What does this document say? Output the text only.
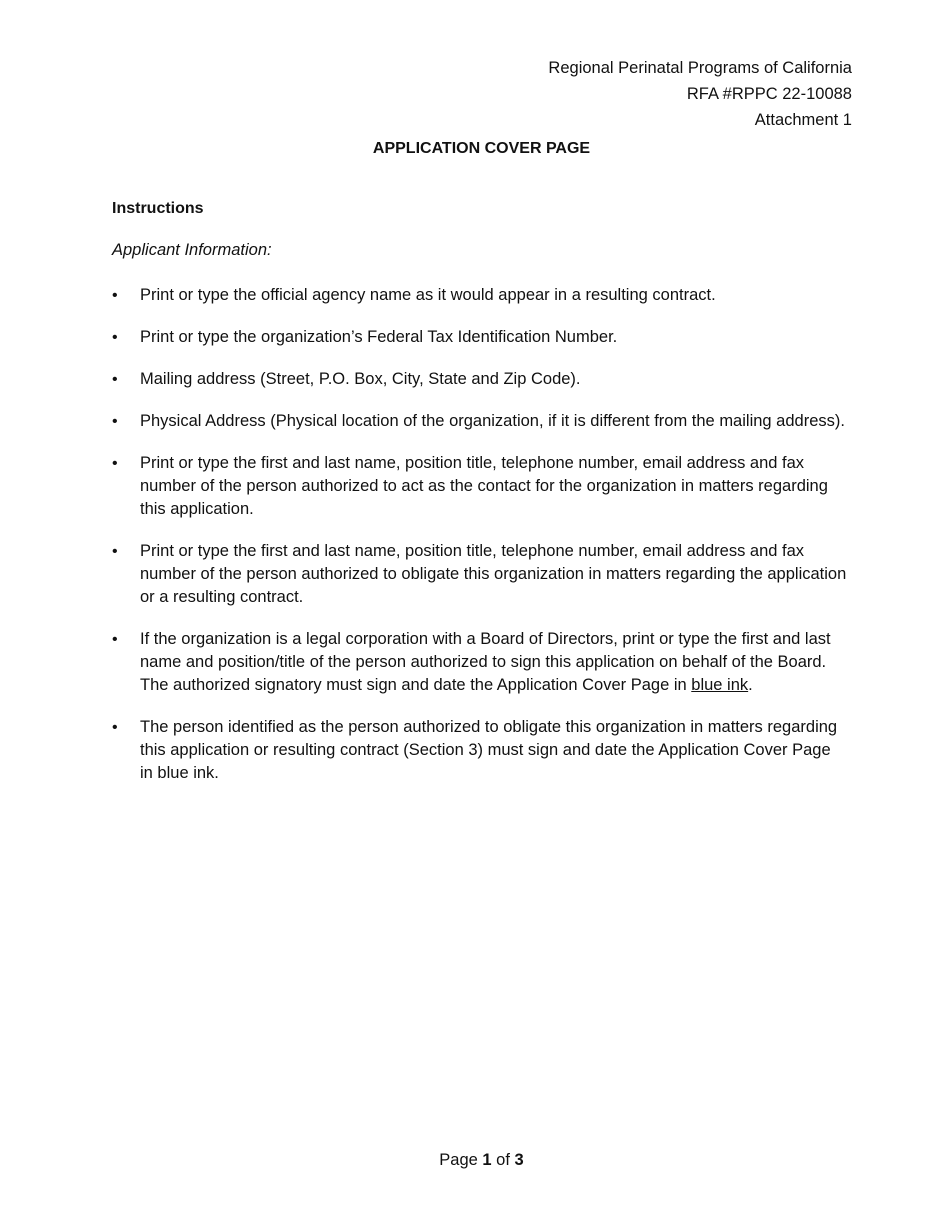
Regional Perinatal Programs of California
RFA #RPPC 22-10088
Attachment 1
APPLICATION COVER PAGE
Instructions
Applicant Information:
•	Print or type the official agency name as it would appear in a resulting contract.
•	Print or type the organization’s Federal Tax Identification Number.
•	Mailing address (Street, P.O. Box, City, State and Zip Code).
•	Physical Address (Physical location of the organization, if it is different from the mailing address).
•	Print or type the first and last name, position title, telephone number, email address and fax number of the person authorized to act as the contact for the organization in matters regarding this application.
•	Print or type the first and last name, position title, telephone number, email address and fax number of the person authorized to obligate this organization in matters regarding the application or a resulting contract.
•	If the organization is a legal corporation with a Board of Directors, print or type the first and last name and position/title of the person authorized to sign this application on behalf of the Board. The authorized signatory must sign and date the Application Cover Page in blue ink.
•	The person identified as the person authorized to obligate this organization in matters regarding this application or resulting contract (Section 3) must sign and date the Application Cover Page in blue ink.
Page 1 of 3
